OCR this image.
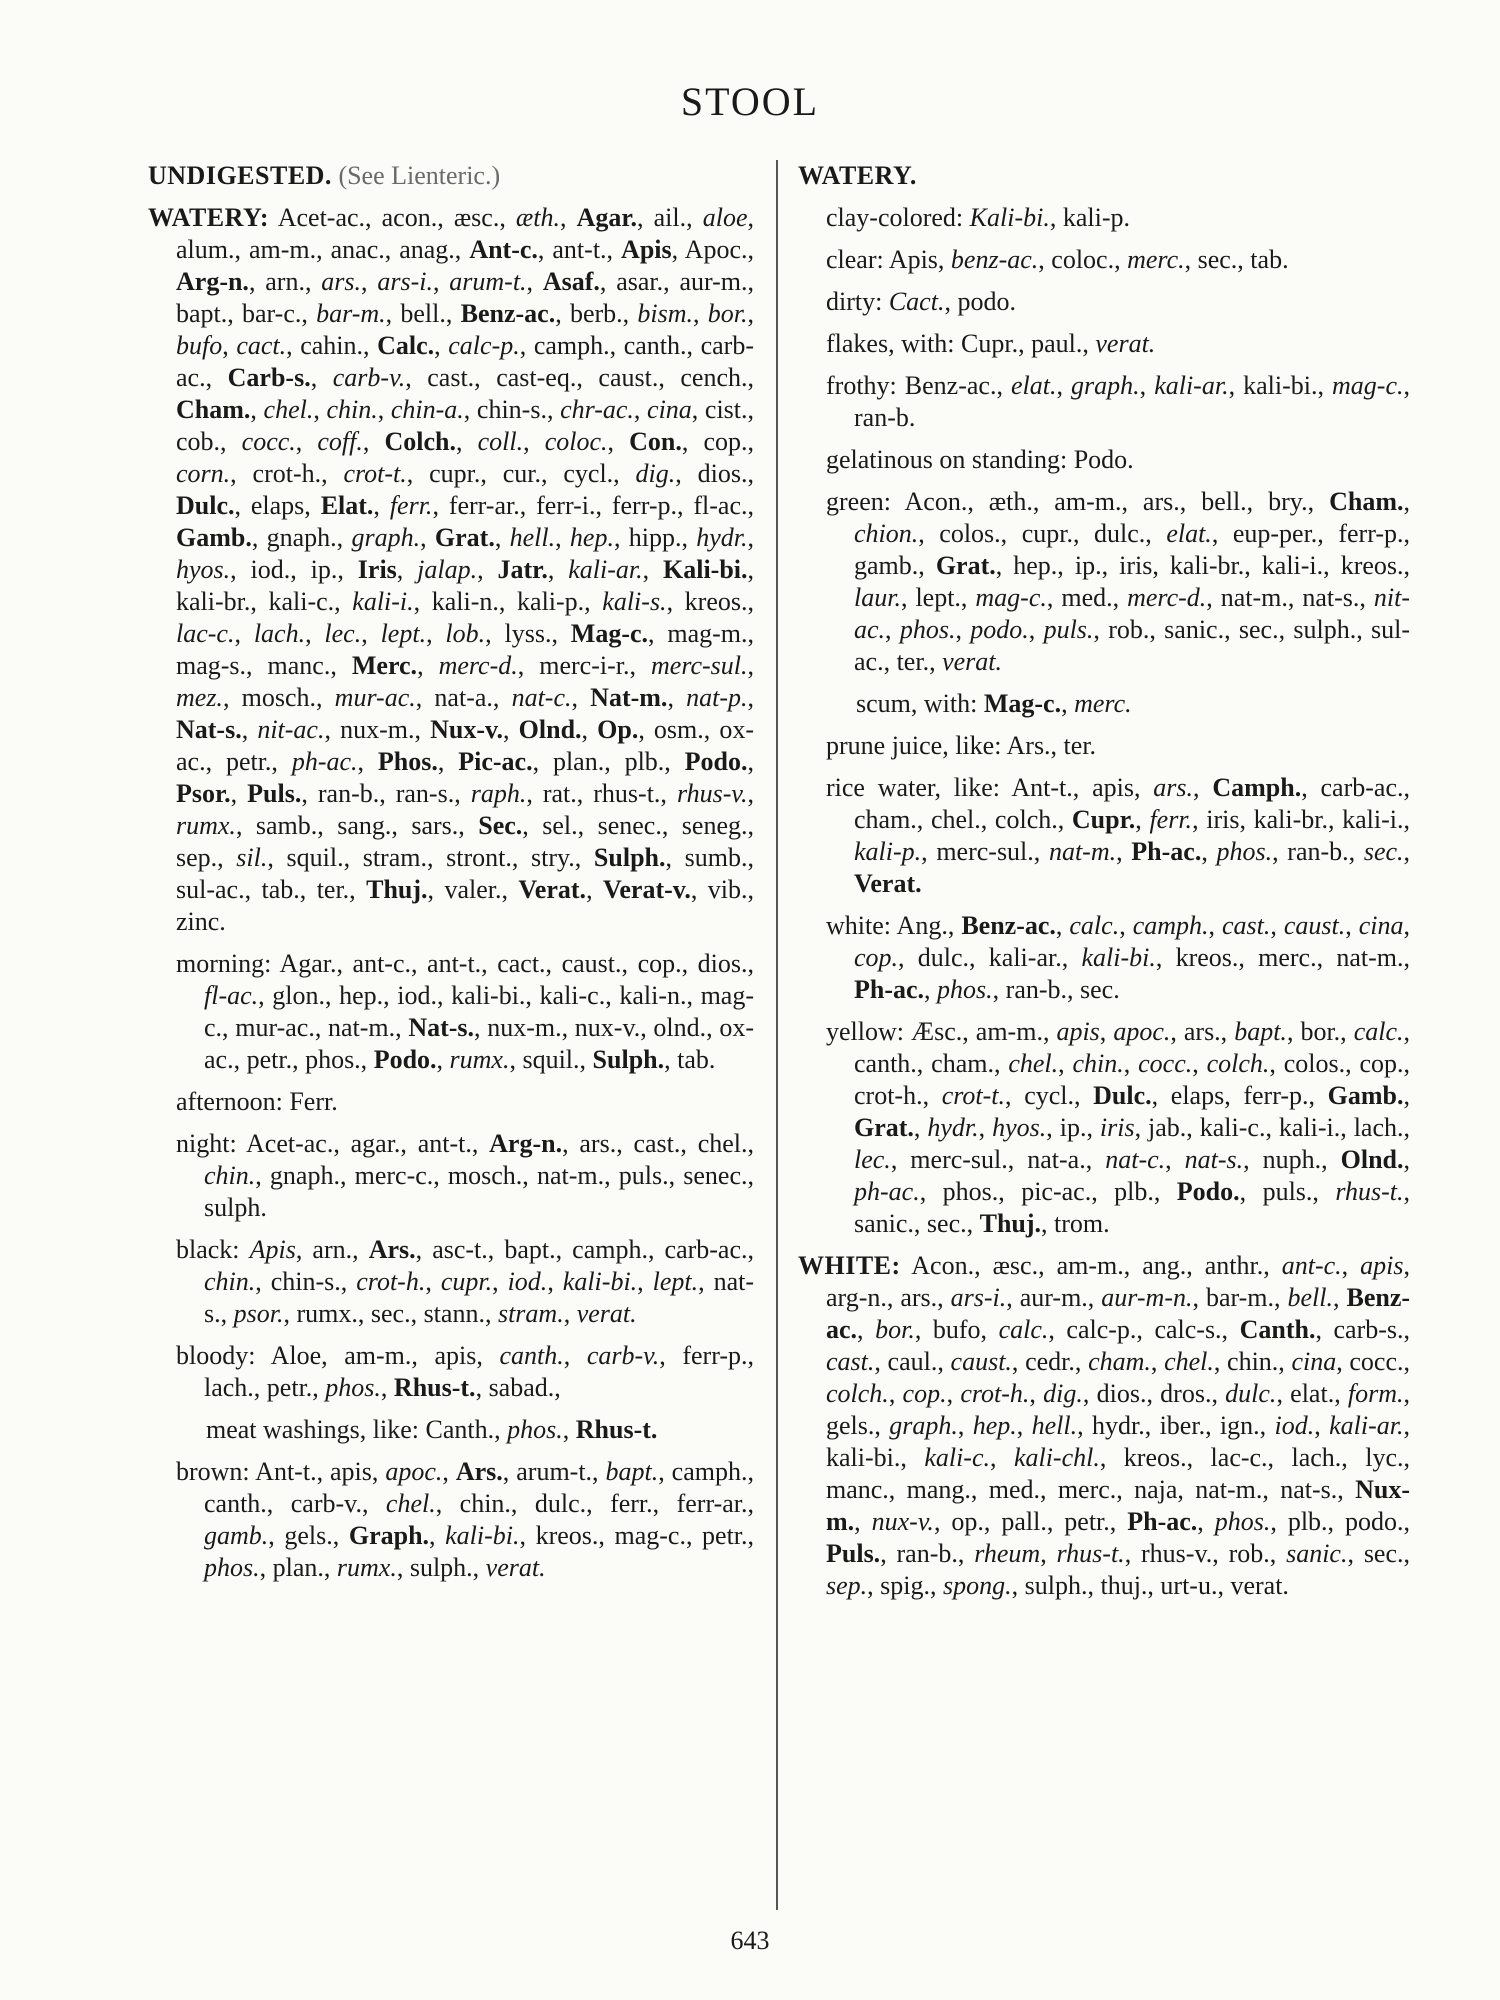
STOOL

UNDIGESTED. (See Lienteric.)

WATERY: Acet-ac., acon., æsc., æth., Agar., ail., aloe, alum., am-m., anac., anag., Ant-c., ant-t., Apis, Apoc., Arg-n., arn., ars., ars-i., arum-t., Asaf., asar., aur-m., bapt., bar-c., bar-m., bell., Benz-ac., berb., bism., bor., bufo, cact., cahin., Calc., calc-p., camph., canth., carb-ac., Carb-s., carb-v., cast., cast-eq., caust., cench., Cham., chel., chin., chin-a., chin-s., chr-ac., cina, cist., cob., cocc., coff., Colch., coll., coloc., Con., cop., corn., crot-h., crot-t., cupr., cur., cycl., dig., dios., Dulc., elaps, Elat., ferr., ferr-ar., ferr-i., ferr-p., fl-ac., Gamb., gnaph., graph., Grat., hell., hep., hipp., hydr., hyos., iod., ip., Iris, jalap., Jatr., kali-ar., Kali-bi., kali-br., kali-c., kali-i., kali-n., kali-p., kali-s., kreos., lac-c., lach., lec., lept., lob., lyss., Mag-c., mag-m., mag-s., manc., Merc., merc-d., merc-i-r., merc-sul., mez., mosch., mur-ac., nat-a., nat-c., Nat-m., nat-p., Nat-s., nit-ac., nux-m., Nux-v., Olnd., Op., osm., ox-ac., petr., ph-ac., Phos., Pic-ac., plan., plb., Podo., Psor., Puls., ran-b., ran-s., raph., rat., rhus-t., rhus-v., rumx., samb., sang., sars., Sec., sel., senec., seneg., sep., sil., squil., stram., stront., stry., Sulph., sumb., sul-ac., tab., ter., Thuj., valer., Verat., Verat-v., vib., zinc.

morning: Agar., ant-c., ant-t., cact., caust., cop., dios., fl-ac., glon., hep., iod., kali-bi., kali-c., kali-n., mag-c., mur-ac., nat-m., Nat-s., nux-m., nux-v., olnd., ox-ac., petr., phos., Podo., rumx., squil., Sulph., tab.

afternoon: Ferr.

night: Acet-ac., agar., ant-t., Arg-n., ars., cast., chel., chin., gnaph., merc-c., mosch., nat-m., puls., senec., sulph.

black: Apis, arn., Ars., asc-t., bapt., camph., carb-ac., chin., chin-s., crot-h., cupr., iod., kali-bi., lept., nat-s., psor., rumx., sec., stann., stram., verat.

bloody: Aloe, am-m., apis, canth., carb-v., ferr-p., lach., petr., phos., Rhus-t., sabad.,

meat washings, like: Canth., phos., Rhus-t.

brown: Ant-t., apis, apoc., Ars., arum-t., bapt., camph., canth., carb-v., chel., chin., dulc., ferr., ferr-ar., gamb., gels., Graph., kali-bi., kreos., mag-c., petr., phos., plan., rumx., sulph., verat.

WATERY.

clay-colored: Kali-bi., kali-p.

clear: Apis, benz-ac., coloc., merc., sec., tab.

dirty: Cact., podo.

flakes, with: Cupr., paul., verat.

frothy: Benz-ac., elat., graph., kali-ar., kali-bi., mag-c., ran-b.

gelatinous on standing: Podo.

green: Acon., æth., am-m., ars., bell., bry., Cham., chion., colos., cupr., dulc., elat., eup-per., ferr-p., gamb., Grat., hep., ip., iris, kali-br., kali-i., kreos., laur., lept., mag-c., med., merc-d., nat-m., nat-s., nit-ac., phos., podo., puls., rob., sanic., sec., sulph., sul-ac., ter., verat.

scum, with: Mag-c., merc.

prune juice, like: Ars., ter.

rice water, like: Ant-t., apis, ars., Camph., carb-ac., cham., chel., colch., Cupr., ferr., iris, kali-br., kali-i., kali-p., merc-sul., nat-m., Ph-ac., phos., ran-b., sec., Verat.

white: Ang., Benz-ac., calc., camph., cast., caust., cina, cop., dulc., kali-ar., kali-bi., kreos., merc., nat-m., Ph-ac., phos., ran-b., sec.

yellow: Æsc., am-m., apis, apoc., ars., bapt., bor., calc., canth., cham., chel., chin., cocc., colch., colos., cop., crot-h., crot-t., cycl., Dulc., elaps, ferr-p., Gamb., Grat., hydr., hyos., ip., iris, jab., kali-c., kali-i., lach., lec., merc-sul., nat-a., nat-c., nat-s., nuph., Olnd., ph-ac., phos., pic-ac., plb., Podo., puls., rhus-t., sanic., sec., Thuj., trom.

WHITE: Acon., æsc., am-m., ang., anthr., ant-c., apis, arg-n., ars., ars-i., aur-m., aur-m-n., bar-m., bell., Benz-ac., bor., bufo, calc., calc-p., calc-s., Canth., carb-s., cast., caul., caust., cedr., cham., chel., chin., cina, cocc., colch., cop., crot-h., dig., dios., dros., dulc., elat., form., gels., graph., hep., hell., hydr., iber., ign., iod., kali-ar., kali-bi., kali-c., kali-chl., kreos., lac-c., lach., lyc., manc., mang., med., merc., naja, nat-m., nat-s., Nux-m., nux-v., op., pall., petr., Ph-ac., phos., plb., podo., Puls., ran-b., rheum, rhus-t., rhus-v., rob., sanic., sec., sep., spig., spong., sulph., thuj., urt-u., verat.

643
